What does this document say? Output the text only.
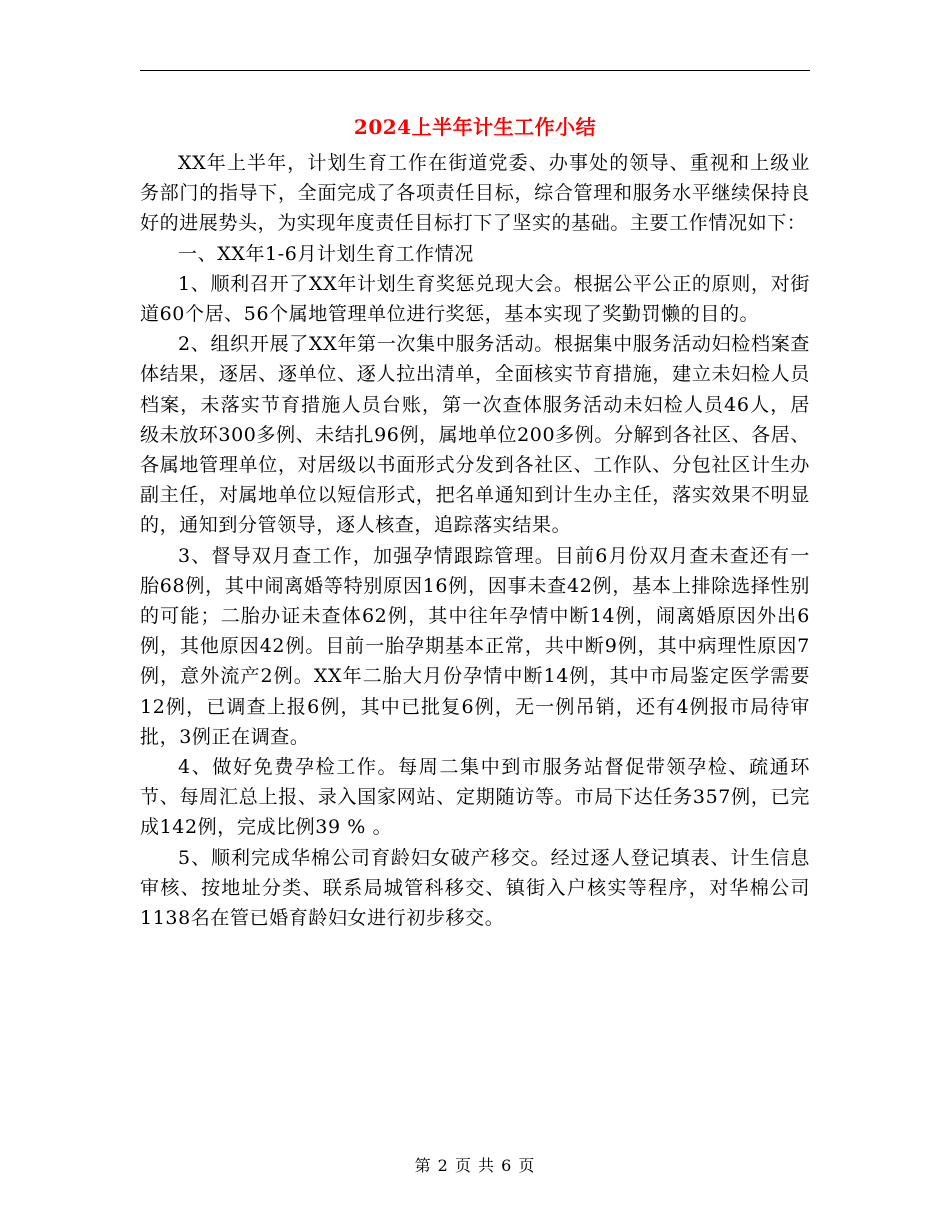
2024上半年计生工作小结

XX年上半年，计划生育工作在街道党委、办事处的领导、重视和上级业务部门的指导下，全面完成了各项责任目标，综合管理和服务水平继续保持良好的进展势头，为实现年度责任目标打下了坚实的基础。主要工作情况如下：

一、XX年1-6月计划生育工作情况

1、顺利召开了XX年计划生育奖惩兑现大会。根据公平公正的原则，对街道60个居、56个属地管理单位进行奖惩，基本实现了奖勤罚懒的目的。

2、组织开展了XX年第一次集中服务活动。根据集中服务活动妇检档案查体结果，逐居、逐单位、逐人拉出清单，全面核实节育措施，建立未妇检人员档案，未落实节育措施人员台账，第一次查体服务活动未妇检人员46人，居级未放环300多例、未结扎96例，属地单位200多例。分解到各社区、各居、各属地管理单位，对居级以书面形式分发到各社区、工作队、分包社区计生办副主任，对属地单位以短信形式，把名单通知到计生办主任，落实效果不明显的，通知到分管领导，逐人核查，追踪落实结果。

3、督导双月查工作，加强孕情跟踪管理。目前6月份双月查未查还有一胎68例，其中闹离婚等特别原因16例，因事未查42例，基本上排除选择性别的可能；二胎办证未查体62例，其中往年孕情中断14例，闹离婚原因外出6例，其他原因42例。目前一胎孕期基本正常，共中断9例，其中病理性原因7例，意外流产2例。XX年二胎大月份孕情中断14例，其中市局鉴定医学需要12例，已调查上报6例，其中已批复6例，无一例吊销，还有4例报市局待审批，3例正在调查。

4、做好免费孕检工作。每周二集中到市服务站督促带领孕检、疏通环节、每周汇总上报、录入国家网站、定期随访等。市局下达任务357例，已完成142例，完成比例39 % 。

5、顺利完成华棉公司育龄妇女破产移交。经过逐人登记填表、计生信息审核、按地址分类、联系局城管科移交、镇街入户核实等程序，对华棉公司1138名在管已婚育龄妇女进行初步移交。

第 2 页 共 6 页
